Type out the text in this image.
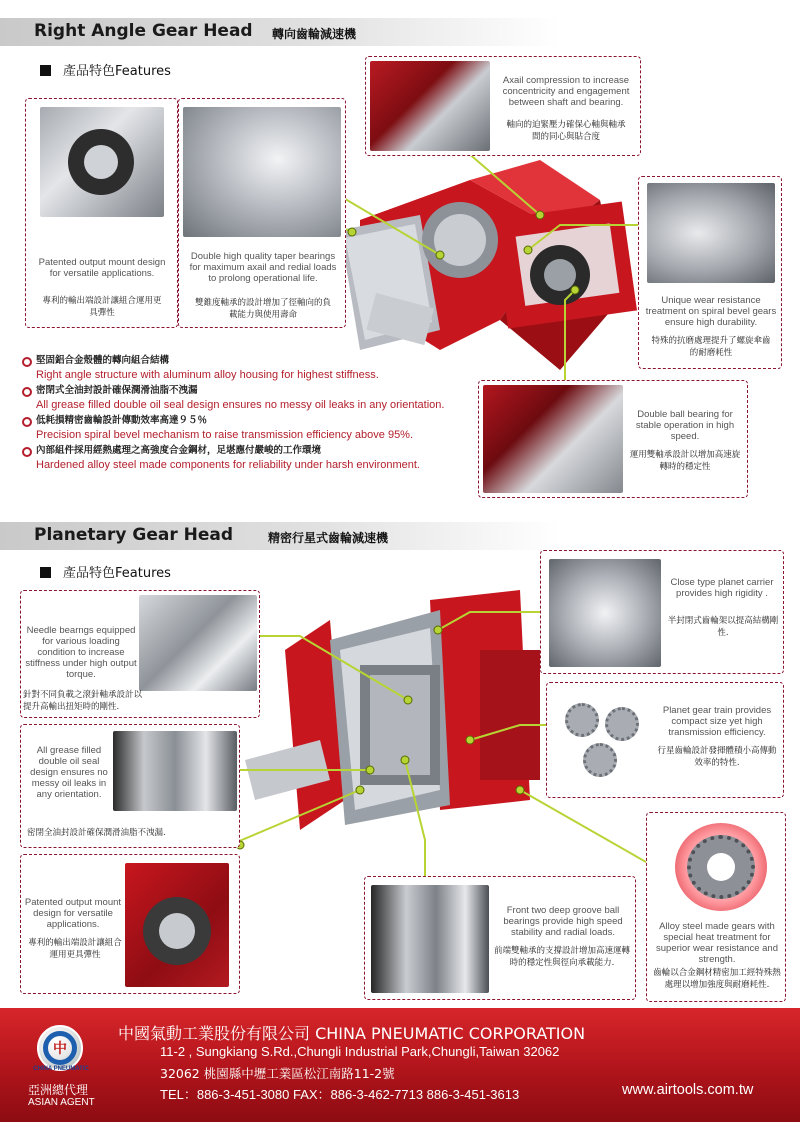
Right Angle Gear Head 轉向齒輪減速機
產品特色Features
Axail compression to increase concentricity and engagement between shaft and bearing.
軸向的迫緊壓力確保心軸與軸承間的同心與貼合度
Patented output mount design for versatile applications.
專利的輸出端設計讓組合運用更具彈性
Double high quality taper bearings for maximum axail and redial loads to prolong operational life.
雙錐度軸承的設計增加了徑軸向的負載能力與使用壽命
Unique wear resistance treatment on spiral bevel gears ensure high durability.
特殊的抗磨處理提升了螺旋傘齒的耐磨耗性
Double ball bearing for stable operation in high speed.
運用雙軸承設計以增加高速旋轉時的穩定性
堅固鋁合金殼體的轉向組合結構
Right angle structure with aluminum alloy housing for highest stiffness.
密閉式全油封設計確保潤滑油脂不洩漏
All grease filled double oil seal design ensures no messy oil leaks in any orientation.
低耗損精密齒輪設計傳動效率高達９５％
Precision spiral bevel mechanism to raise transmission efficiency above 95%.
內部組件採用經熱處理之高強度合金鋼材，足堪應付嚴峻的工作環境
Hardened alloy steel made components for reliability under harsh environment.
Planetary Gear Head	精密行星式齒輪減速機
產品特色Features
Needle bearngs equipped for various loading condition to increase stiffness under high output torque.
針對不同負載之滾針軸承設計以提升高輸出扭矩時的剛性.
All grease filled double oil seal design ensures no messy oil leaks in any orientation.
密閉全油封設計確保潤滑油脂不洩漏.
Patented output mount design for versatile applications.
專利的輸出端設計讓組合運用更具彈性
Close type planet carrier provides high rigidity .
半封閉式齒輪架以提高結構剛性.
Planet gear train provides compact size yet high transmission efficiency.
行星齒輪設計發揮體積小高傳動效率的特性.
Alloy steel made gears with special heat treatment for superior wear resistance and strength.
齒輪以合金鋼材精密加工經特殊熱處理以增加強度與耐磨耗性.
Front two deep groove ball bearings provide high speed stability and radial loads.
前端雙軸承的支撐設計增加高速運轉時的穩定性與徑向承載能力.
中
CHINA PNEUMATIC
亞洲總代理
ASIAN AGENT
中國氣動工業股份有限公司 CHINA PNEUMATIC CORPORATION
11-2 , Sungkiang S.Rd.,Chungli Industrial Park,Chungli,Taiwan 32062
32062 桃園縣中壢工業區松江南路11-2號
TEL：886-3-451-3080 FAX：886-3-462-7713 886-3-451-3613	www.airtools.com.tw
